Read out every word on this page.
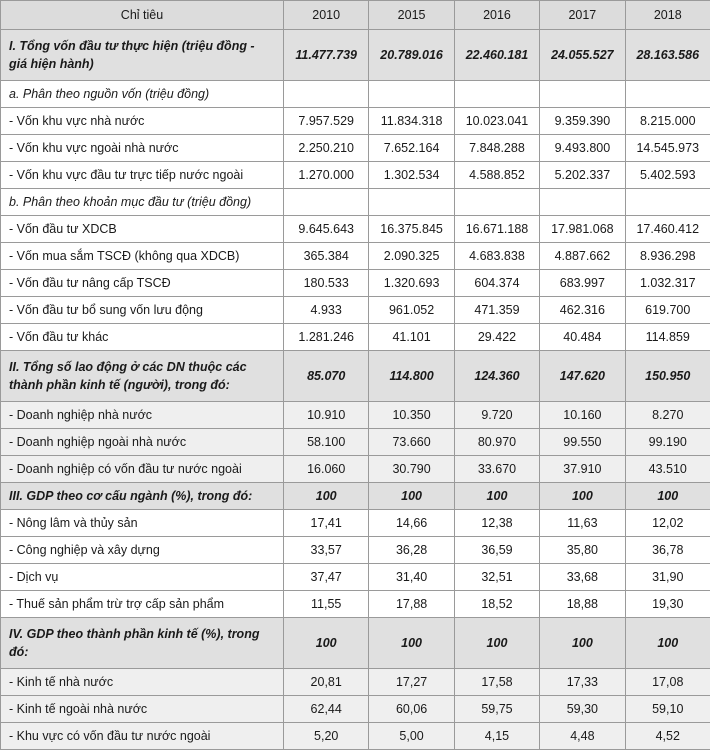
Chỉ tiêu	2010	2015	2016	2017	2018
I. Tổng vốn đầu tư thực hiện (triệu đồng - giá hiện hành)	11.477.739	20.789.016	22.460.181	24.055.527	28.163.586
a. Phân theo nguồn vốn (triệu đồng)					
- Vốn khu vực nhà nước	7.957.529	11.834.318	10.023.041	9.359.390	8.215.000
- Vốn khu vực ngoài nhà nước	2.250.210	7.652.164	7.848.288	9.493.800	14.545.973
- Vốn khu vực đầu tư trực tiếp nước ngoài	1.270.000	1.302.534	4.588.852	5.202.337	5.402.593
b. Phân theo khoản mục đầu tư (triệu đồng)					
- Vốn đầu tư XDCB	9.645.643	16.375.845	16.671.188	17.981.068	17.460.412
- Vốn mua sắm TSCĐ (không qua XDCB)	365.384	2.090.325	4.683.838	4.887.662	8.936.298
- Vốn đầu tư nâng cấp TSCĐ	180.533	1.320.693	604.374	683.997	1.032.317
- Vốn đầu tư bổ sung vốn lưu động	4.933	961.052	471.359	462.316	619.700
- Vốn đầu tư khác	1.281.246	41.101	29.422	40.484	114.859
II. Tổng số lao động ở các DN thuộc các thành phần kinh tế (người), trong đó:	85.070	114.800	124.360	147.620	150.950
- Doanh nghiệp nhà nước	10.910	10.350	9.720	10.160	8.270
- Doanh nghiệp ngoài nhà nước	58.100	73.660	80.970	99.550	99.190
- Doanh nghiệp có vốn đầu tư nước ngoài	16.060	30.790	33.670	37.910	43.510
III. GDP theo cơ cấu ngành (%), trong đó:	100	100	100	100	100
- Nông lâm và thủy sản	17,41	14,66	12,38	11,63	12,02
- Công nghiệp và xây dựng	33,57	36,28	36,59	35,80	36,78
- Dịch vụ	37,47	31,40	32,51	33,68	31,90
- Thuế sản phẩm trừ trợ cấp sản phẩm	11,55	17,88	18,52	18,88	19,30
IV. GDP theo thành phần kinh tế (%), trong đó:	100	100	100	100	100
- Kinh tế nhà nước	20,81	17,27	17,58	17,33	17,08
- Kinh tế ngoài nhà nước	62,44	60,06	59,75	59,30	59,10
- Khu vực có vốn đầu tư nước ngoài	5,20	5,00	4,15	4,48	4,52
